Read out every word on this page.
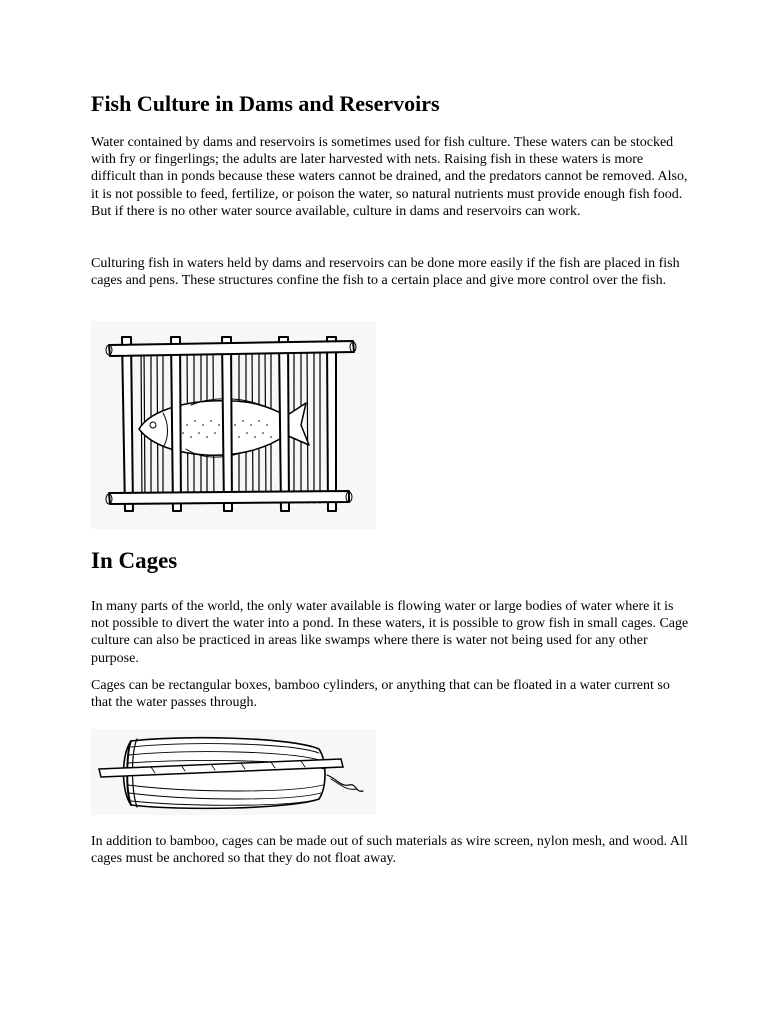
Fish Culture in Dams and Reservoirs

Water contained by dams and reservoirs is sometimes used for fish culture. These waters can be stocked with fry or fingerlings; the adults are later harvested with nets. Raising fish in these waters is more difficult than in ponds because these waters cannot be drained, and the predators cannot be removed. Also, it is not possible to feed, fertilize, or poison the water, so natural nutrients must provide enough fish food. But if there is no other water source available, culture in dams and reservoirs can work.

Culturing fish in waters held by dams and reservoirs can be done more easily if the fish are placed in fish cages and pens. These structures confine the fish to a certain place and give more control over the fish.

In Cages

In many parts of the world, the only water available is flowing water or large bodies of water where it is not possible to divert the water into a pond. In these waters, it is possible to grow fish in small cages. Cage culture can also be practiced in areas like swamps where there is water not being used for any other purpose.

Cages can be rectangular boxes, bamboo cylinders, or anything that can be floated in a water current so that the water passes through.

In addition to bamboo, cages can be made out of such materials as wire screen, nylon mesh, and wood. All cages must be anchored so that they do not float away.
